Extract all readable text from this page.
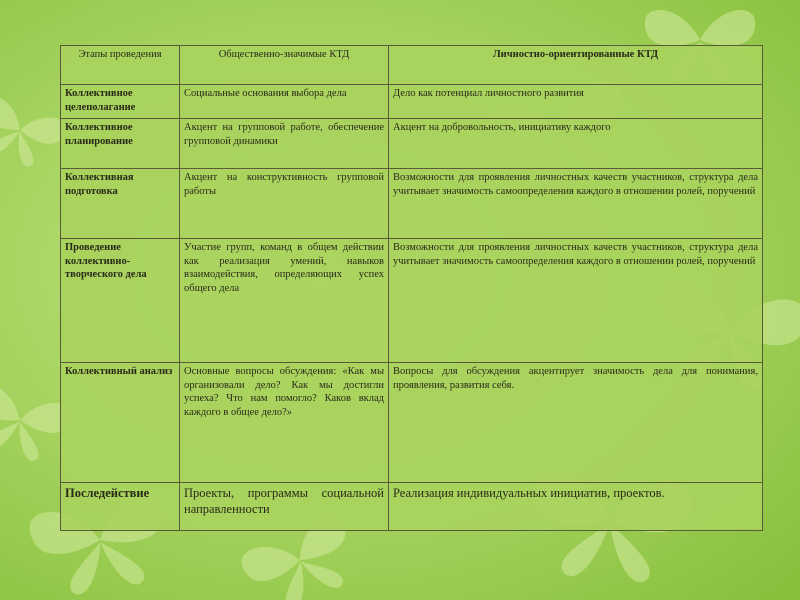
Этапы проведения	Общественно-значимые КТД	Личностно-ориентированные КТД
Коллективное целеполагание	Социальные основания выбора дела	Дело как потенциал личностного развития
Коллективное планирование	Акцент на групповой работе, обеспечение групповой динамики	Акцент на добровольность, инициативу каждого
Коллективная подготовка	Акцент на конструктивность групповой работы	Возможности для проявления личностных качеств участников, структура дела учитывает значимость самоопределения каждого в отношении ролей, поручений
Проведение коллективно-творческого дела	Участие групп, команд в общем действии как реализация умений, навыков взаимодействия, определяющих успех общего дела	Возможности для проявления личностных качеств участников, структура дела учитывает значимость самоопределения каждого в отношении ролей, поручений
Коллективный анализ	Основные вопросы обсуждения: «Как мы организовали дело? Как мы достигли успеха? Что нам помогло? Каков вклад каждого в общее дело?»	Вопросы для обсуждения акцентирует значимость дела для понимания, проявления, развития себя.
Последействие	Проекты, программы социальной направленности	Реализация индивидуальных инициатив, проектов.
